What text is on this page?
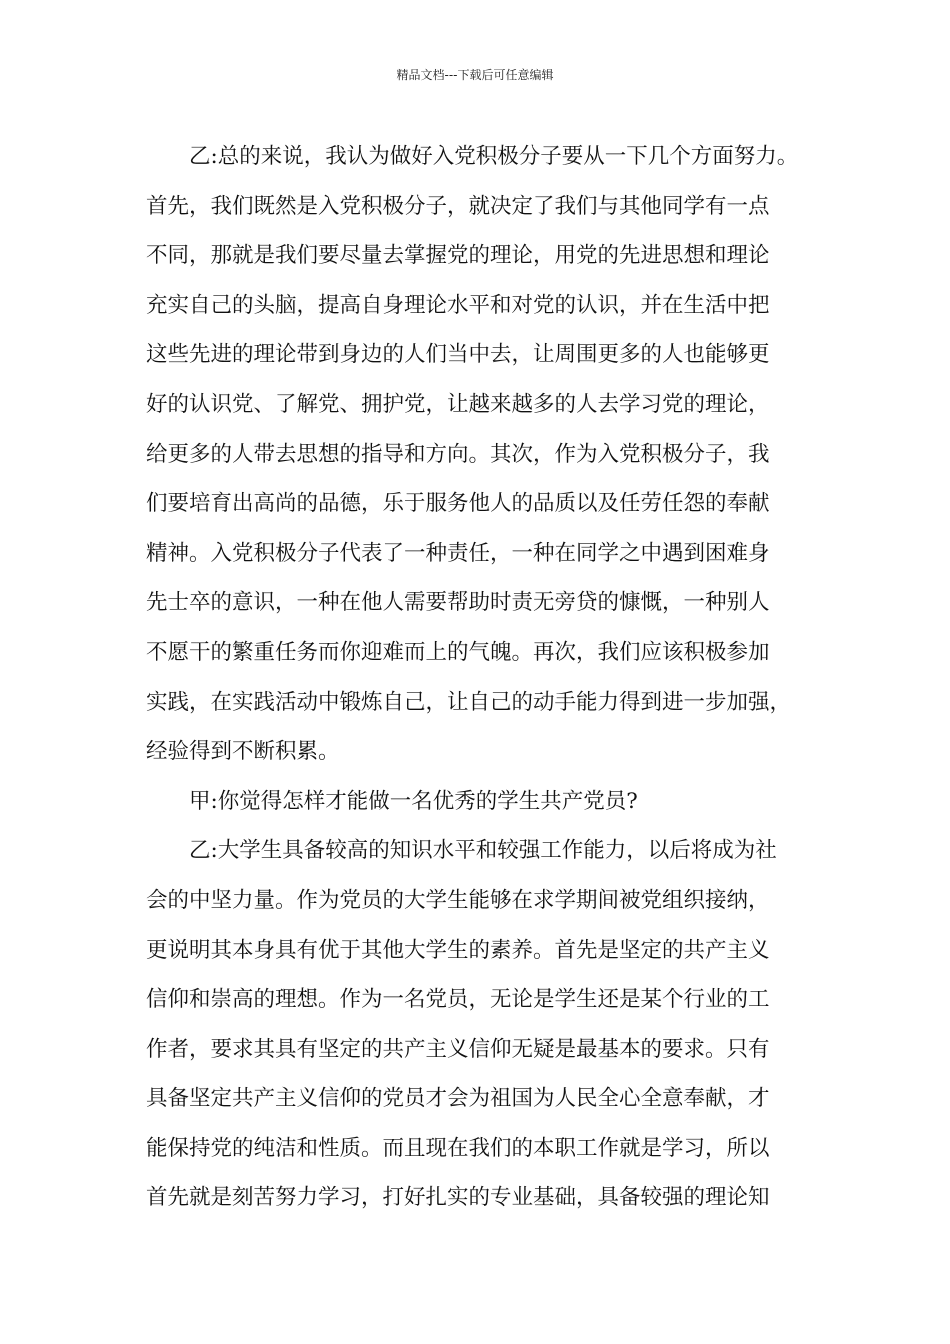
精品文档---下载后可任意编辑
乙:总的来说，我认为做好入党积极分子要从一下几个方面努力。
首先，我们既然是入党积极分子，就决定了我们与其他同学有一点
不同，那就是我们要尽量去掌握党的理论，用党的先进思想和理论
充实自己的头脑，提高自身理论水平和对党的认识，并在生活中把
这些先进的理论带到身边的人们当中去，让周围更多的人也能够更
好的认识党、了解党、拥护党，让越来越多的人去学习党的理论，
给更多的人带去思想的指导和方向。其次，作为入党积极分子，我
们要培育出高尚的品德，乐于服务他人的品质以及任劳任怨的奉献
精神。入党积极分子代表了一种责任，一种在同学之中遇到困难身
先士卒的意识，一种在他人需要帮助时责无旁贷的慷慨，一种别人
不愿干的繁重任务而你迎难而上的气魄。再次，我们应该积极参加
实践，在实践活动中锻炼自己，让自己的动手能力得到进一步加强，
经验得到不断积累。
甲:你觉得怎样才能做一名优秀的学生共产党员?
乙:大学生具备较高的知识水平和较强工作能力，以后将成为社
会的中坚力量。作为党员的大学生能够在求学期间被党组织接纳，
更说明其本身具有优于其他大学生的素养。首先是坚定的共产主义
信仰和崇高的理想。作为一名党员，无论是学生还是某个行业的工
作者，要求其具有坚定的共产主义信仰无疑是最基本的要求。只有
具备坚定共产主义信仰的党员才会为祖国为人民全心全意奉献，才
能保持党的纯洁和性质。而且现在我们的本职工作就是学习，所以
首先就是刻苦努力学习，打好扎实的专业基础，具备较强的理论知
